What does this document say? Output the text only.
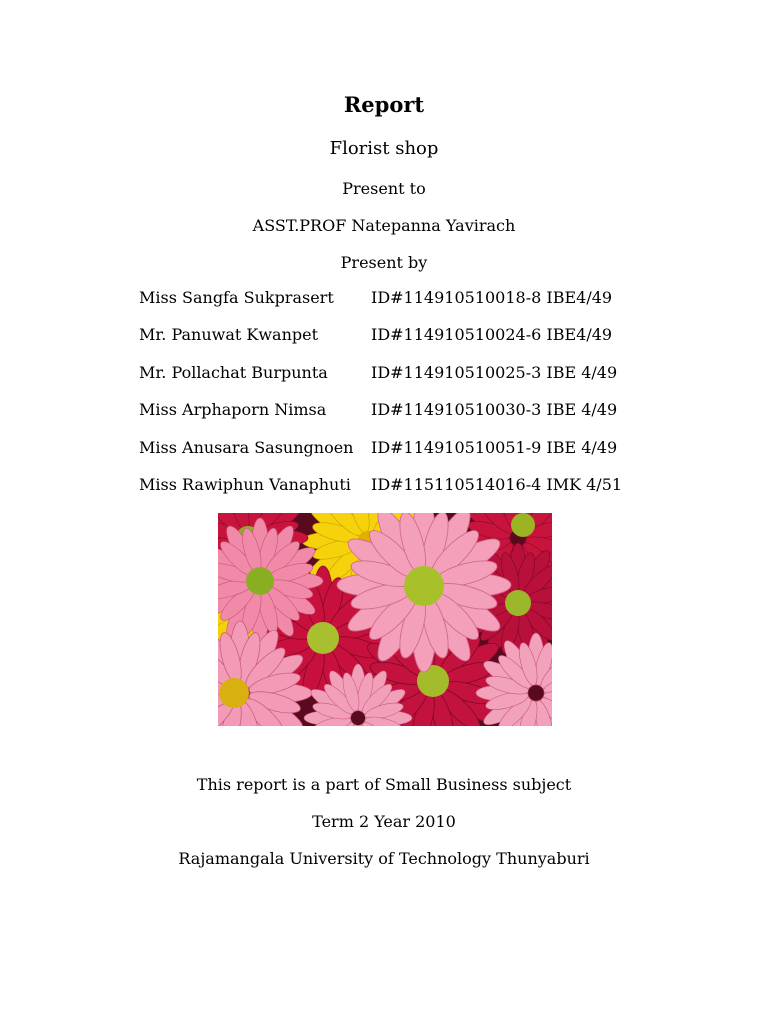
Report
Florist shop
Present to
ASST.PROF Natepanna Yavirach
Present by
Miss Sangfa Sukprasert ID#114910510018-8 IBE4/49
Mr. Panuwat Kwanpet	ID#114910510024-6 IBE4/49
Mr. Pollachat Burpunta	ID#114910510025-3 IBE 4/49
Miss Arphaporn Nimsa	ID#114910510030-3 IBE 4/49
Miss Anusara Sasungnoen ID#114910510051-9 IBE 4/49
Miss Rawiphun Vanaphuti ID#115110514016-4 IMK 4/51
This report is a part of Small Business subject
Term 2 Year 2010
Rajamangala University of Technology Thunyaburi
